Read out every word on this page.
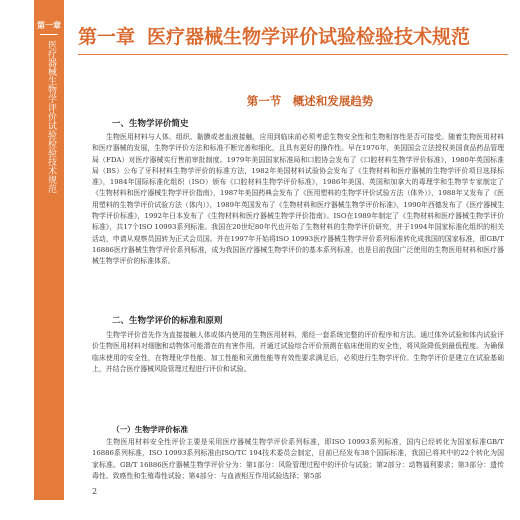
第一章
医疗器械生物学评价试验检验技术规范
第一章 医疗器械生物学评价试验检验技术规范
第一节　概述和发展趋势
一、生物学评价简史
生物医用材料与人体、组织、黏膜或者血液接触，应用到临床前必须考虑生物安全性和生物相容性是否可接受。随着生物医用材料和医疗器械的发展，生物学评价方法和标准不断完善和细化，且具有更好的操作性。早在1976年，美国国会立法授权美国食品药品管理局（FDA）对医疗器械实行售前审批制度。1979年美国国家标准局和口腔协会发布了《口腔材料生物学评价标准》，1980年英国标准局（BS）公布了牙科材料生物学评价的标准方法，1982年美国材料试验协会发布了《生物材料和医疗器械的生物学评价项目选择标准》，1984年国际标准化组织（ISO）颁布《口腔材料生物学评价标准》，1986年美国、英国和加拿大的毒理学和生物学专家制定了《生物材料和医疗器械生物学评价指南》，1987年美国药典会发布了《医用塑料的生物学评价试验方法（体外）》，1988年又发布了《医用塑料的生物学评价试验方法（体内）》，1989年英国发布了《生物材料和医疗器械生物学评价标准》，1990年西德发布了《医疗器械生物学评价标准》，1992年日本发布了《生物材料和医疗器械生物学评价指南》。ISO在1989年制定了《生物材料和医疗器械生物学评价标准》，共17个ISO 10993系列标准。我国在20世纪80年代也开始了生物材料的生物学评价研究，并于1994年国家标准化组织的相关活动，申请从观察员国转为正式会员国。并在1997年开始将ISO 10993医疗器械生物学评价系列标准转化成我国的国家标准，即GB/T 16886医疗器械生物学评价系列标准，成为我国医疗器械生物学评价的基本系列标准，也是目前我国广泛使用的生物医用材料和医疗器械生物学评价的标准体系。
二、生物学评价的标准和原则
生物学评价首先作为直接接触人体或体内使用的生物医用材料，需经一套系统完整的评价程序和方法。通过体外试验和体内试验评价生物医用材料对细胞和动物体可能潜在的有害作用，并通过试验综合评价预测在临床使用的安全性，将风险降低到最低程度。为确保临床使用的安全性，在物理化学性能、加工性能和灭菌性能等有效性要求满足后，必须进行生物学评价。生物学评价是建立在试验基础上，并结合医疗器械风险管理过程进行评价和试验。
（一）生物学评价标准
生物医用材料安全性评价主要是采用医疗器械生物学评价系列标准，即ISO 10993系列标准，国内已经转化为国家标准GB/T 16886系列标准，ISO 10993系列标准由ISO/TC 194技术委员会制定，目前已经发布38个国际标准，我国已将其中的22个转化为国家标准。GB/T 16886医疗器械生物学评价分为：第1部分：风险管理过程中的评价与试验；第2部分：动物福利要求；第3部分：遗传毒性、致癌性和生殖毒性试验；第4部分：与血液相互作用试验选择；第5部
2
